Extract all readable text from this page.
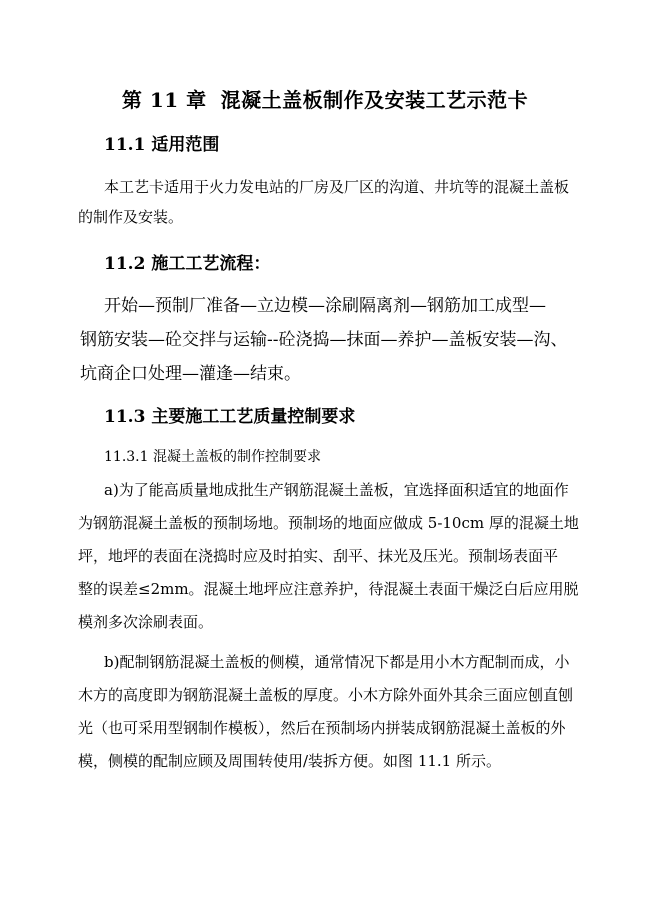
第 11 章 混凝土盖板制作及安装工艺示范卡
11.1 适用范围
本工艺卡适用于火力发电站的厂房及厂区的沟道、井坑等的混凝土盖板
的制作及安装。
11.2 施工工艺流程：
开始—预制厂准备—立边模—涂刷隔离剂—钢筋加工成型—
钢筋安装—砼交拌与运输--砼浇捣—抹面—养护—盖板安装—沟、
坑商企口处理—灌逢—结束。
11.3 主要施工工艺质量控制要求
11.3.1 混凝土盖板的制作控制要求
a)为了能高质量地成批生产钢筋混凝土盖板，宜选择面积适宜的地面作
为钢筋混凝土盖板的预制场地。预制场的地面应做成 5-10cm 厚的混凝土地
坪，地坪的表面在浇捣时应及时拍实、刮平、抹光及压光。预制场表面平
整的误差≤2mm。混凝土地坪应注意养护，待混凝土表面干燥泛白后应用脱
模剂多次涂刷表面。
b)配制钢筋混凝土盖板的侧模，通常情况下都是用小木方配制而成，小
木方的高度即为钢筋混凝土盖板的厚度。小木方除外面外其余三面应刨直刨
光（也可采用型钢制作模板），然后在预制场内拼装成钢筋混凝土盖板的外
模，侧模的配制应顾及周围转使用/装拆方便。如图 11.1 所示。
